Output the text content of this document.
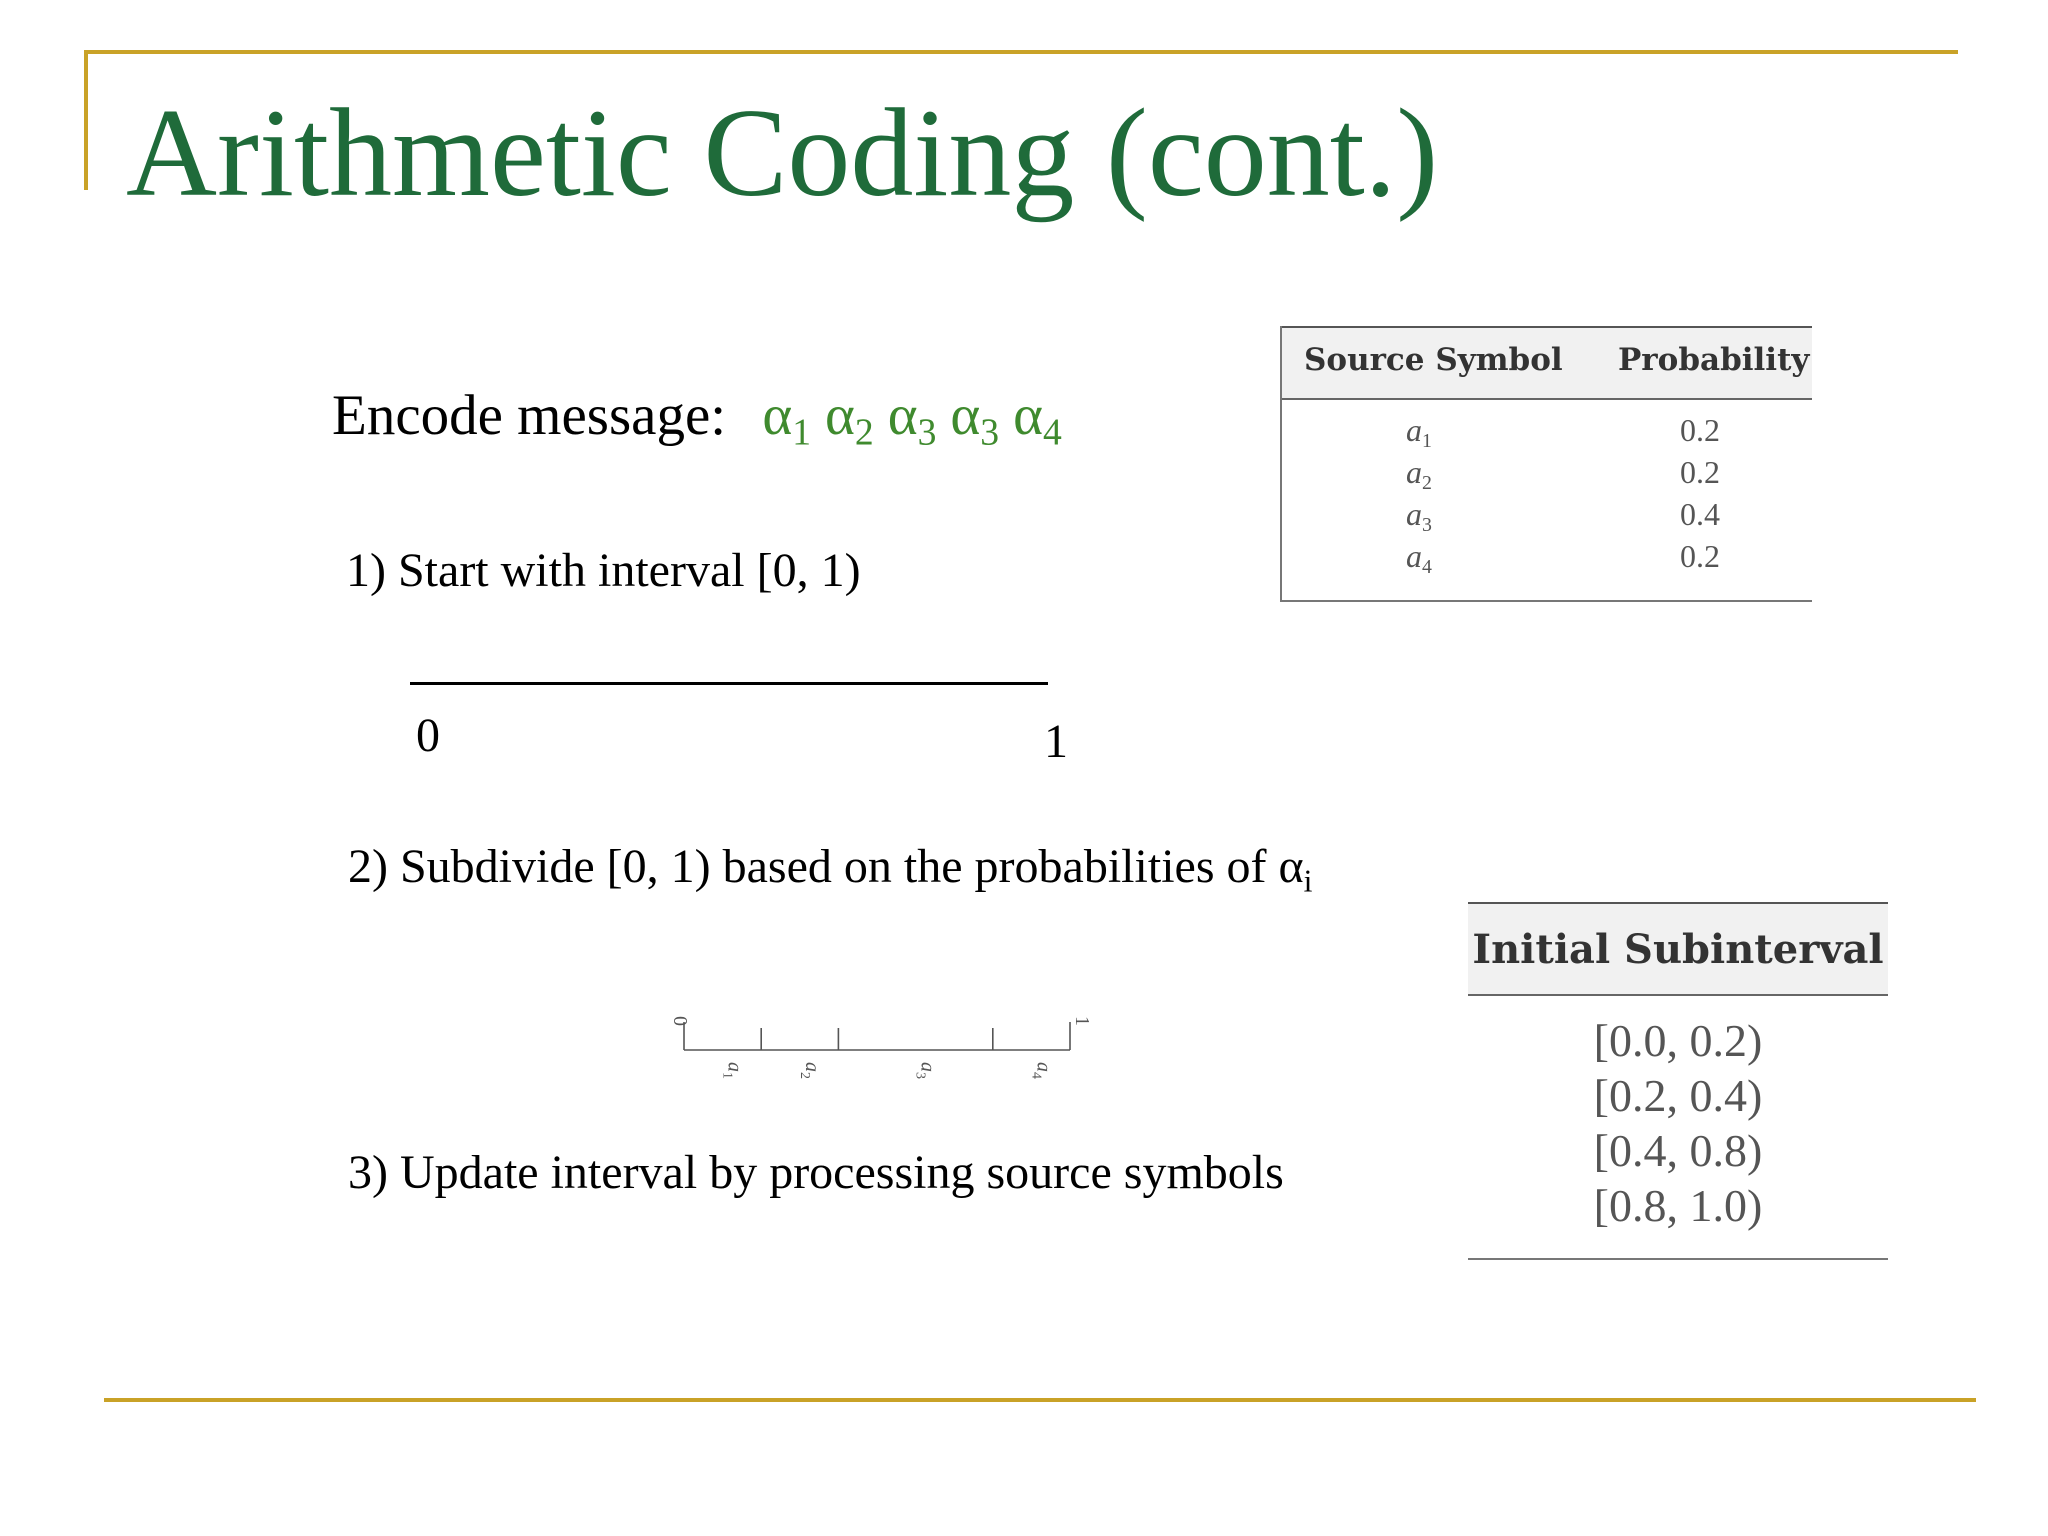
Arithmetic Coding (cont.)
Encode message: $\alpha_1$ $\alpha_2$ $\alpha_3$ $\alpha_3$ $\alpha_4$
1) Start with interval [0, 1)
0	1
2) Subdivide [0, 1) based on the probabilities of $\alpha_i$
0	1
$a_1$
$a_2$
$a_3$
$a_4$
3) Update interval by processing source symbols
Source Symbol Probability
$a_1$	0.2
$a_2$	0.2
$a_3$	0.4
$a_4$	0.2
Initial Subinterval
[0.0, 0.2)
[0.2, 0.4)
[0.4, 0.8)
[0.8, 1.0)
